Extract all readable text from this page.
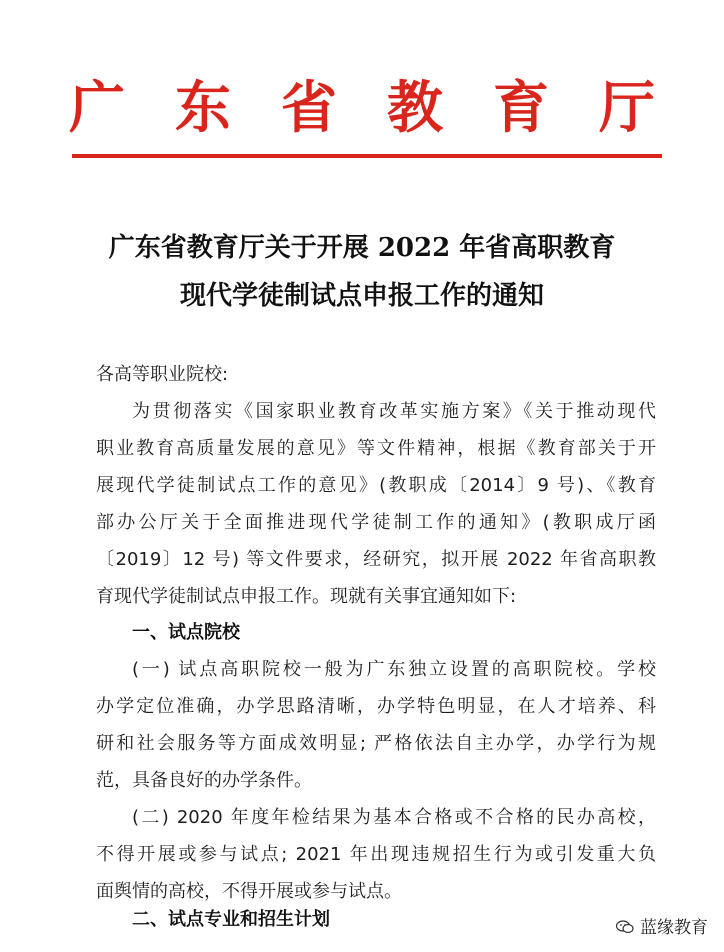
广 东 省 教 育 厅
广东省教育厅关于开展 2022 年省高职教育
现代学徒制试点申报工作的通知
各高等职业院校:
为贯彻落实《国家职业教育改革实施方案》《关于推动现代
职业教育高质量发展的意见》等文件精神，根据《教育部关于开
展现代学徒制试点工作的意见》(教职成〔2014〕9 号)、《教育
部办公厅关于全面推进现代学徒制工作的通知》(教职成厅函
〔2019〕12 号) 等文件要求，经研究，拟开展 2022 年省高职教
育现代学徒制试点申报工作。现就有关事宜通知如下:
一、试点院校
(一) 试点高职院校一般为广东独立设置的高职院校。学校
办学定位准确，办学思路清晰，办学特色明显，在人才培养、科
研和社会服务等方面成效明显; 严格依法自主办学，办学行为规
范，具备良好的办学条件。
(二) 2020 年度年检结果为基本合格或不合格的民办高校，
不得开展或参与试点; 2021 年出现违规招生行为或引发重大负
面舆情的高校，不得开展或参与试点。
二、试点专业和招生计划	蓝缘教育
